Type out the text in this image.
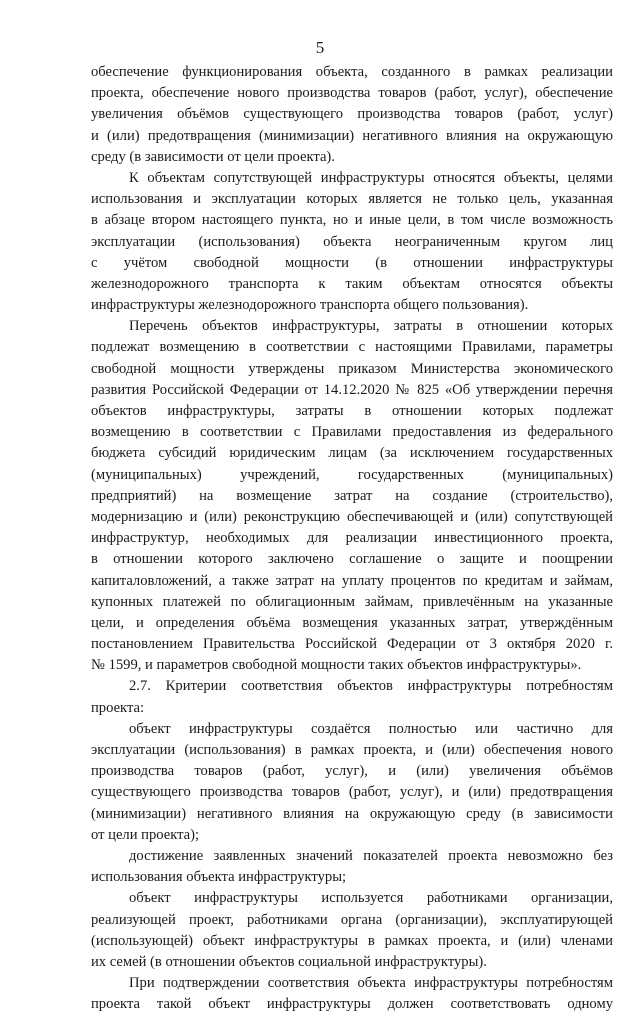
5
обеспечение функционирования объекта, созданного в рамках реализации
проекта, обеспечение нового производства товаров (работ, услуг), обеспечение
увеличения объёмов существующего производства товаров (работ, услуг)
и (или) предотвращения (минимизации) негативного влияния на окружающую
среду (в зависимости от цели проекта).
К объектам сопутствующей инфраструктуры относятся объекты, целями
использования и эксплуатации которых является не только цель, указанная
в абзаце втором настоящего пункта, но и иные цели, в том числе возможность
эксплуатации (использования) объекта неограниченным кругом лиц
с учётом свободной мощности (в отношении инфраструктуры
железнодорожного транспорта к таким объектам относятся объекты
инфраструктуры железнодорожного транспорта общего пользования).
Перечень объектов инфраструктуры, затраты в отношении которых
подлежат возмещению в соответствии с настоящими Правилами, параметры
свободной мощности утверждены приказом Министерства экономического
развития Российской Федерации от 14.12.2020 № 825 «Об утверждении перечня
объектов инфраструктуры, затраты в отношении которых подлежат
возмещению в соответствии с Правилами предоставления из федерального
бюджета субсидий юридическим лицам (за исключением государственных
(муниципальных) учреждений, государственных (муниципальных)
предприятий) на возмещение затрат на создание (строительство),
модернизацию и (или) реконструкцию обеспечивающей и (или) сопутствующей
инфраструктур, необходимых для реализации инвестиционного проекта,
в отношении которого заключено соглашение о защите и поощрении
капиталовложений, а также затрат на уплату процентов по кредитам и займам,
купонных платежей по облигационным займам, привлечённым на указанные
цели, и определения объёма возмещения указанных затрат, утверждённым
постановлением Правительства Российской Федерации от 3 октября 2020 г.
№ 1599, и параметров свободной мощности таких объектов инфраструктуры».
2.7. Критерии соответствия объектов инфраструктуры потребностям
проекта:
объект инфраструктуры создаётся полностью или частично для
эксплуатации (использования) в рамках проекта, и (или) обеспечения нового
производства товаров (работ, услуг), и (или) увеличения объёмов
существующего производства товаров (работ, услуг), и (или) предотвращения
(минимизации) негативного влияния на окружающую среду (в зависимости
от цели проекта);
достижение заявленных значений показателей проекта невозможно без
использования объекта инфраструктуры;
объект инфраструктуры используется работниками организации,
реализующей проект, работниками органа (организации), эксплуатирующей
(использующей) объект инфраструктуры в рамках проекта, и (или) членами
их семей (в отношении объектов социальной инфраструктуры).
При подтверждении соответствия объекта инфраструктуры потребностям
проекта такой объект инфраструктуры должен соответствовать одному
